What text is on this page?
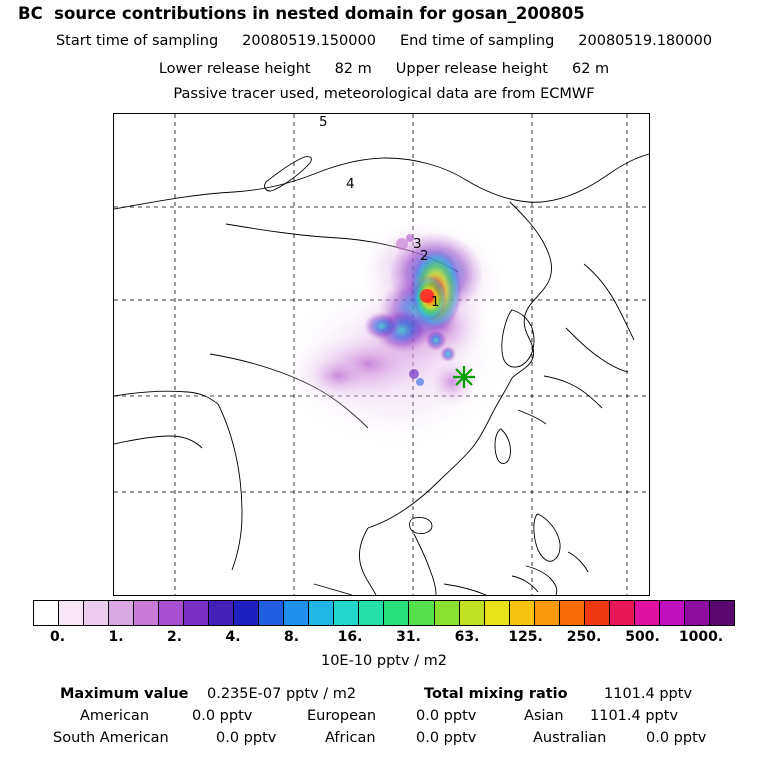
BC  source contributions in nested domain for gosan_200805
Start time of sampling 20080519.150000 End time of sampling 20080519.180000
Lower release height 82 m Upper release height 62 m
Passive tracer used, meteorological data are from ECMWF
5
4
3
2
1
0.	1.	2.	4.	8.	16. 31. 63. 125. 250. 500. 1000.
10E-10 pptv / m2
Maximum value 0.235E-07 pptv / m2	Total mixing ratio	1101.4 pptv
American	0.0 pptv	European	0.0 pptv	Asian 1101.4 pptv
South American	0.0 pptv	African	0.0 pptv	Australian	0.0 pptv
